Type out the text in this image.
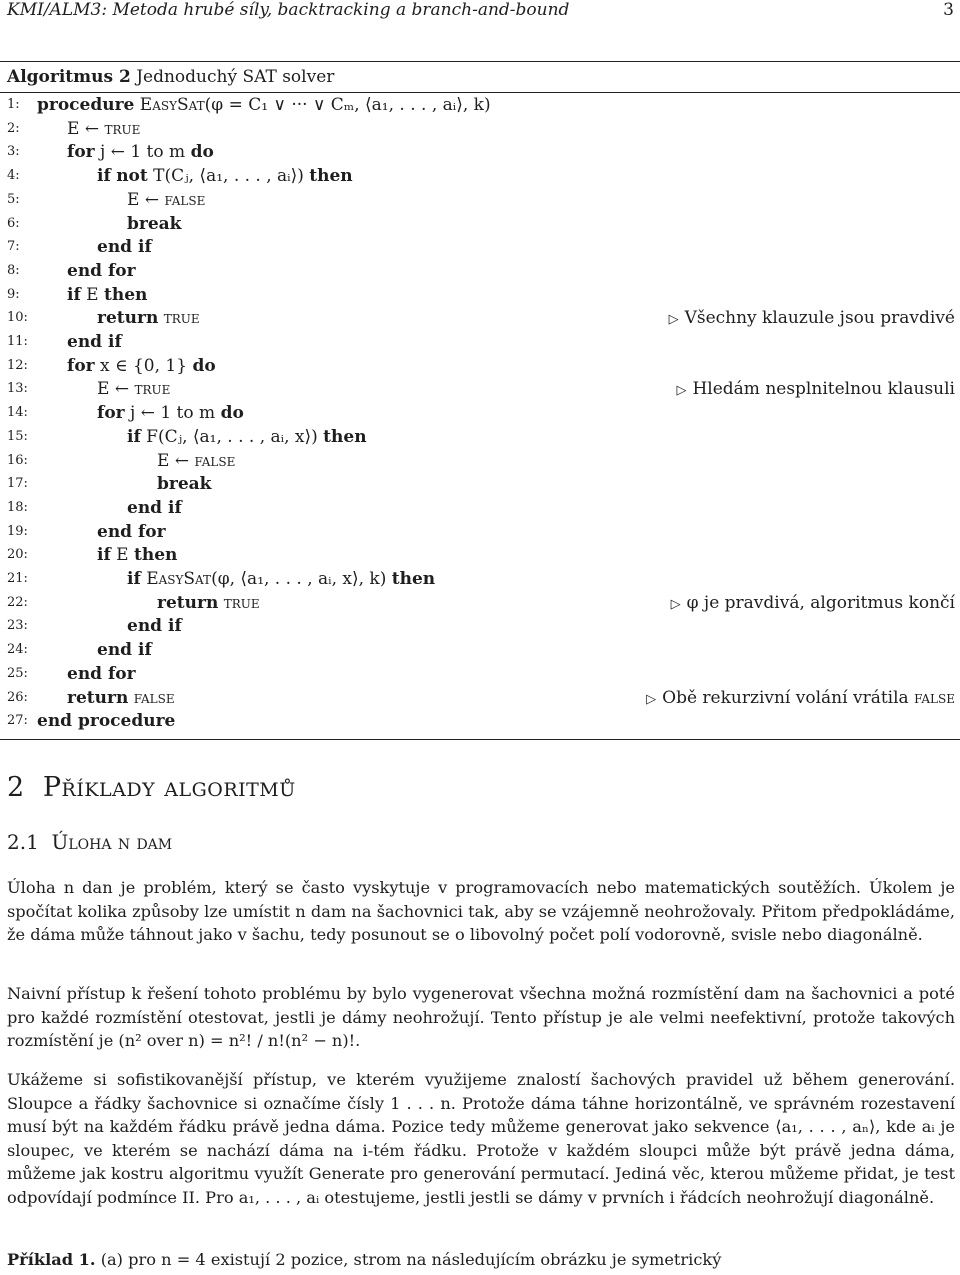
KMI/ALM3: Metoda hrubé síly, backtracking a branch-and-bound	3
Algoritmus 2 Jednoduchý SAT solver
1:	procedure EasySat(φ = C₁ ∨ ··· ∨ Cₘ, ⟨a₁, . . . , aᵢ⟩, k)
2:	E ← true
3:	for j ← 1 to m do
4:	if not T(Cⱼ, ⟨a₁, . . . , aᵢ⟩) then
5:	E ← false
6:	break
7:	end if
8:	end for
9:	if E then
10:	return true	▷ Všechny klauzule jsou pravdivé
11:	end if
12:	for x ∈ {0, 1} do
13:	E ← true	▷ Hledám nesplnitelnou klausuli
14:	for j ← 1 to m do
15:	if F(Cⱼ, ⟨a₁, . . . , aᵢ, x⟩) then
16:	E ← false
17:	break
18:	end if
19:	end for
20:	if E then
21:	if EasySat(φ, ⟨a₁, . . . , aᵢ, x⟩, k) then
22:	return true	▷ φ je pravdivá, algoritmus končí
23:	end if
24:	end if
25:	end for
26:	return false	▷ Obě rekurzivní volání vrátila false
27: end procedure
2 Příklady algoritmů
2.1 Úloha n dam

Úloha n dan je problém, který se často vyskytuje v programovacích nebo matematických soutěžích. Úkolem je spočítat kolika způsoby lze umístit n dam na šachovnici tak, aby se vzájemně neohrožovaly. Přitom předpokládáme, že dáma může táhnout jako v šachu, tedy posunout se o libovolný počet polí vodorovně, svisle nebo diagonálně.

Naivní přístup k řešení tohoto problému by bylo vygenerovat všechna možná rozmístění dam na šachovnici a poté pro každé rozmístění otestovat, jestli je dámy neohrožují. Tento přístup je ale velmi neefektivní, protože takových rozmístění je (n² over n) = n²! / n!(n² − n)!.

Ukážeme si sofistikovanější přístup, ve kterém využijeme znalostí šachových pravidel už během generování. Sloupce a řádky šachovnice si označíme čísly 1 . . . n. Protože dáma táhne horizontálně, ve správném rozestavení musí být na každém řádku právě jedna dáma. Pozice tedy můžeme generovat jako sekvence ⟨a₁, . . . , aₙ⟩, kde aᵢ je sloupec, ve kterém se nachází dáma na i-tém řádku. Protože v každém sloupci může být právě jedna dáma, můžeme jak kostru algoritmu využít Generate pro generování permutací. Jediná věc, kterou můžeme přidat, je test odpovídají podmínce II. Pro a₁, . . . , aᵢ otestujeme, jestli jestli se dámy v prvních i řádcích neohrožují diagonálně.

Příklad 1. (a) pro n = 4 existují 2 pozice, strom na následujícím obrázku je symetrický
